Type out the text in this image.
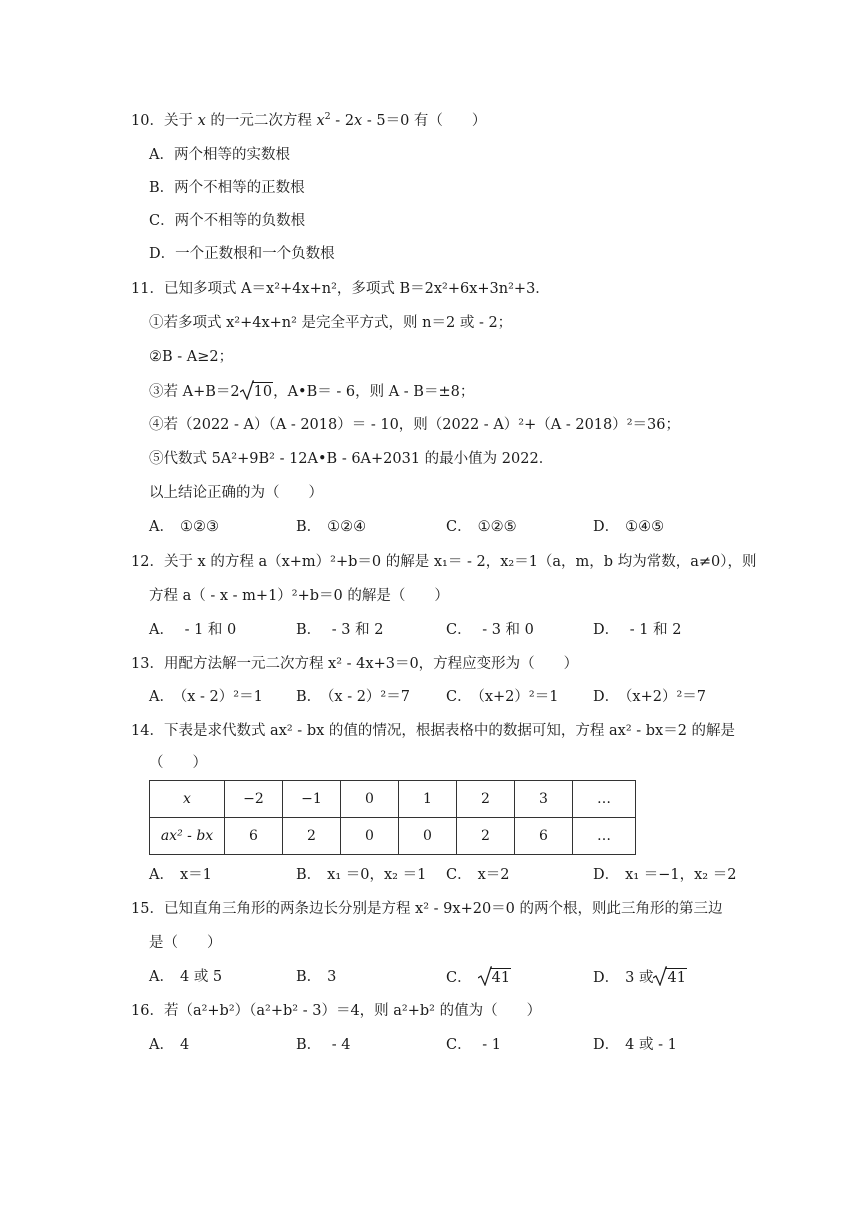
10．关于 x 的一元二次方程 $x^2 - 2x - 5=0$ 有（　　）
A．两个相等的实数根
B．两个不相等的正数根
C．两个不相等的负数根
D．一个正数根和一个负数根
11．已知多项式 A＝x²+4x+n²，多项式 B＝2x²+6x+3n²+3．
①若多项式 x²+4x+n² 是完全平方式，则 n＝2 或 - 2；
②B - A≥2；
③若 A+B＝2 10，A•B＝ - 6，则 A - B＝±8；
④若（2022 - A）（A - 2018）＝ - 10，则（2022 - A）²+（A - 2018）²＝36；
⑤代数式 5A²+9B² - 12A•B - 6A+2031 的最小值为 2022．
以上结论正确的为（　　）
A． ①②③	B． ①②④	C． ①②⑤	D． ①④⑤
12．关于 x 的方程 a（x+m）²+b＝0 的解是 x₁＝ - 2，x₂＝1（a，m，b 均为常数，a≠0），则
方程 a（ - x - m+1）²+b＝0 的解是（　　）
A． - 1 和 0	B． - 3 和 2	C． - 3 和 0	D． - 1 和 2
13．用配方法解一元二次方程 x² - 4x+3＝0，方程应变形为（　　）
A． （x - 2）²＝1 B． （x - 2）²＝7 C． （x+2）²＝1 D． （x+2）²＝7
14．下表是求代数式 ax² - bx 的值的情况，根据表格中的数据可知，方程 ax² - bx＝2 的解是
（　　）
x	−2	−1	0	1	2	3	…
ax² - bx	6	2	0	0	2	6	…
A． x＝1	B． x₁ ＝0，x₂ ＝1 C． x＝2	D． x₁ ＝−1，x₂ ＝2
15．已知直角三角形的两条边长分别是方程 x² - 9x+20＝0 的两个根，则此三角形的第三边
是（　　）
A． 4 或 5	B． 3	C． 41	D． 3 或 41
16．若（a²+b²）（a²+b² - 3）＝4，则 a²+b² 的值为（　　）
A． 4	B． - 4	C． - 1	D． 4 或 - 1
